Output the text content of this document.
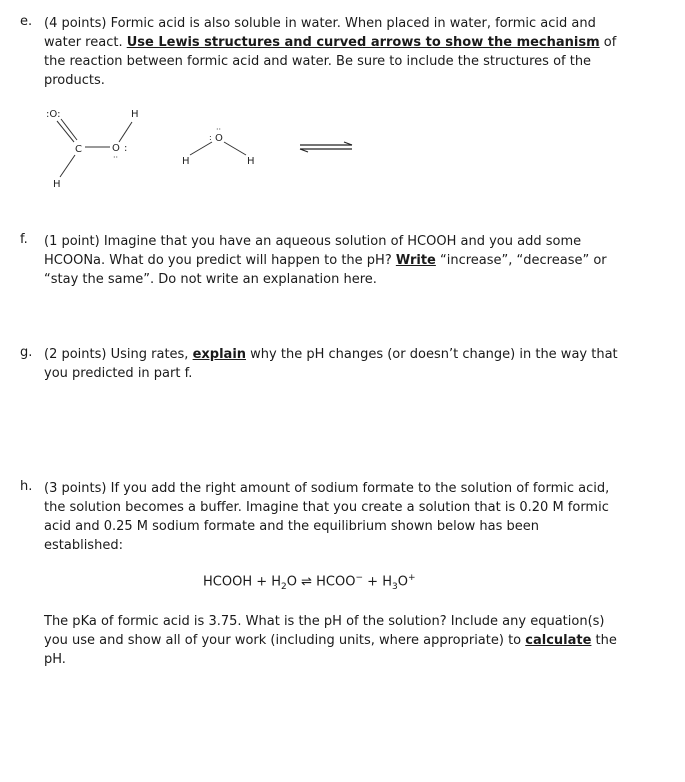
e. (4 points) Formic acid is also soluble in water. When placed in water, formic acid and water react. Use Lewis structures and curved arrows to show the mechanism of the reaction between formic acid and water. Be sure to include the structures of the products.
:O:
C	O :
··
H
H
O
··
:
H	H
f. (1 point) Imagine that you have an aqueous solution of HCOOH and you add some HCOONa. What do you predict will happen to the pH? Write “increase”, “decrease” or “stay the same”. Do not write an explanation here.
g. (2 points) Using rates, explain why the pH changes (or doesn’t change) in the way that you predicted in part f.
h. (3 points) If you add the right amount of sodium formate to the solution of formic acid, the solution becomes a buffer. Imagine that you create a solution that is 0.20 M formic acid and 0.25 M sodium formate and the equilibrium shown below has been established:
HCOOH + $H_2O$ ⇌ HCOO− + $H_3O^+$
The pKa of formic acid is 3.75. What is the pH of the solution? Include any equation(s) you use and show all of your work (including units, where appropriate) to calculate the pH.
